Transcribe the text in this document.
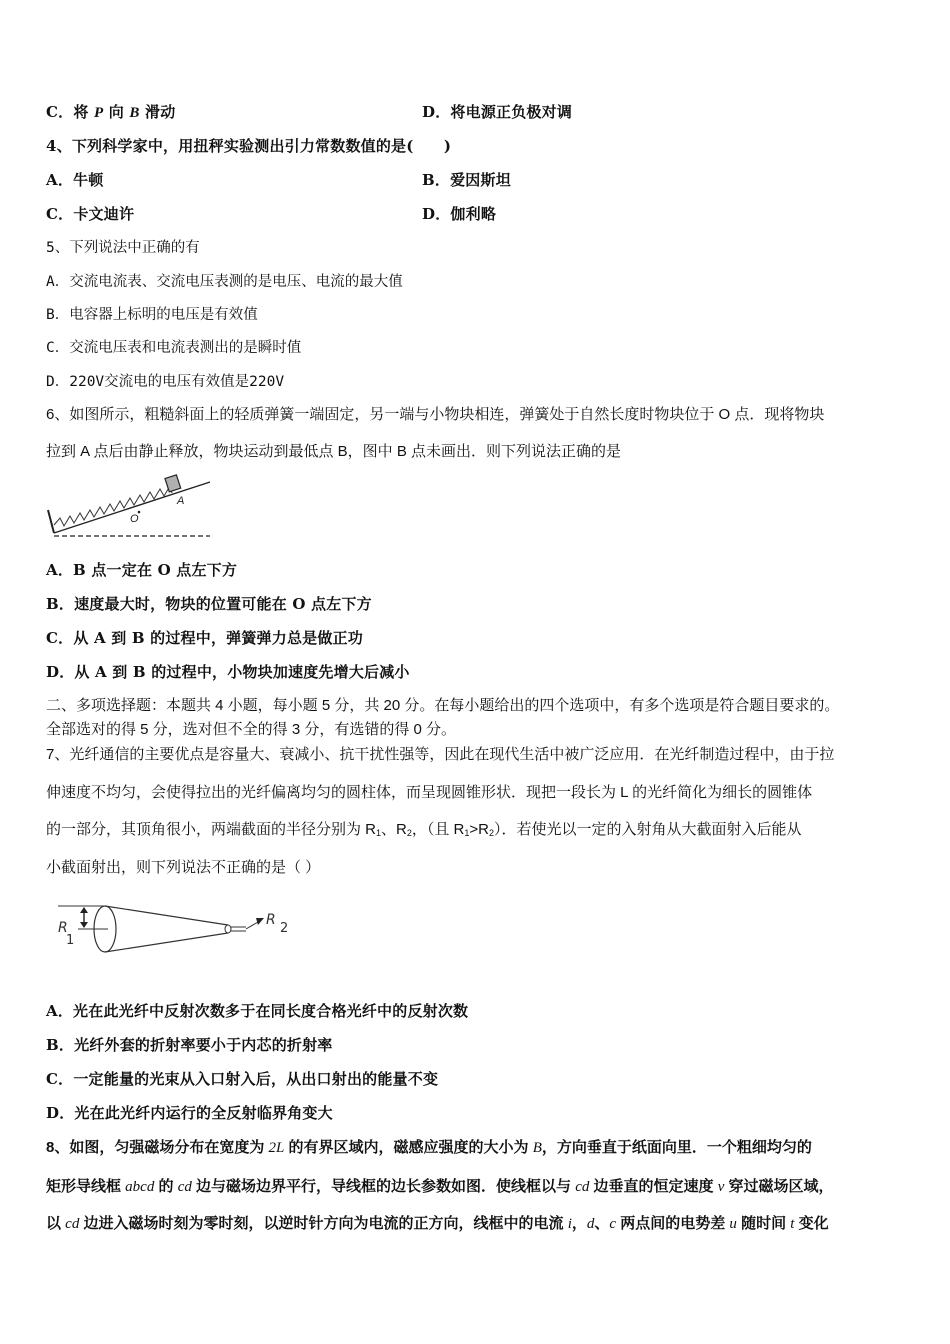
C．将 P 向 B 滑动	D．将电源正负极对调
4、下列科学家中，用扭秤实验测出引力常数数值的是(　　)
A．牛顿	B．爱因斯坦
C．卡文迪许	D．伽利略
5、下列说法中正确的有
A．交流电流表、交流电压表测的是电压、电流的最大值
B．电容器上标明的电压是有效值
C．交流电压表和电流表测出的是瞬时值
D．220V交流电的电压有效值是220V
6、如图所示，粗糙斜面上的轻质弹簧一端固定，另一端与小物块相连，弹簧处于自然长度时物块位于 O 点．现将物块
拉到 A 点后由静止释放，物块运动到最低点 B，图中 B 点未画出．则下列说法正确的是
O
A
A．B 点一定在 O 点左下方
B．速度最大时，物块的位置可能在 O 点左下方
C．从 A 到 B 的过程中，弹簧弹力总是做正功
D．从 A 到 B 的过程中，小物块加速度先增大后减小
二、多项选择题：本题共 4 小题，每小题 5 分，共 20 分。在每小题给出的四个选项中，有多个选项是符合题目要求的。
全部选对的得 5 分，选对但不全的得 3 分，有选错的得 0 分。
7、光纤通信的主要优点是容量大、衰减小、抗干扰性强等，因此在现代生活中被广泛应用．在光纤制造过程中，由于拉
伸速度不均匀，会使得拉出的光纤偏离均匀的圆柱体，而呈现圆锥形状．现把一段长为 L 的光纤简化为细长的圆锥体
的一部分，其顶角很小，两端截面的半径分别为 $R_1$、$R_2$，（且 $R_1>R_2$）．若使光以一定的入射角从大截面射入后能从
小截面射出，则下列说法不正确的是（ ）
R
1
R
2
A．光在此光纤中反射次数多于在同长度合格光纤中的反射次数
B．光纤外套的折射率要小于内芯的折射率
C．一定能量的光束从入口射入后，从出口射出的能量不变
D．光在此光纤内运行的全反射临界角变大
8、如图，匀强磁场分布在宽度为 2L 的有界区域内，磁感应强度的大小为 B，方向垂直于纸面向里．一个粗细均匀的
矩形导线框 abcd 的 cd 边与磁场边界平行，导线框的边长参数如图．使线框以与 cd 边垂直的恒定速度 v 穿过磁场区域，
以 cd 边进入磁场时刻为零时刻，以逆时针方向为电流的正方向，线框中的电流 i，d、c 两点间的电势差 u 随时间 t 变化
